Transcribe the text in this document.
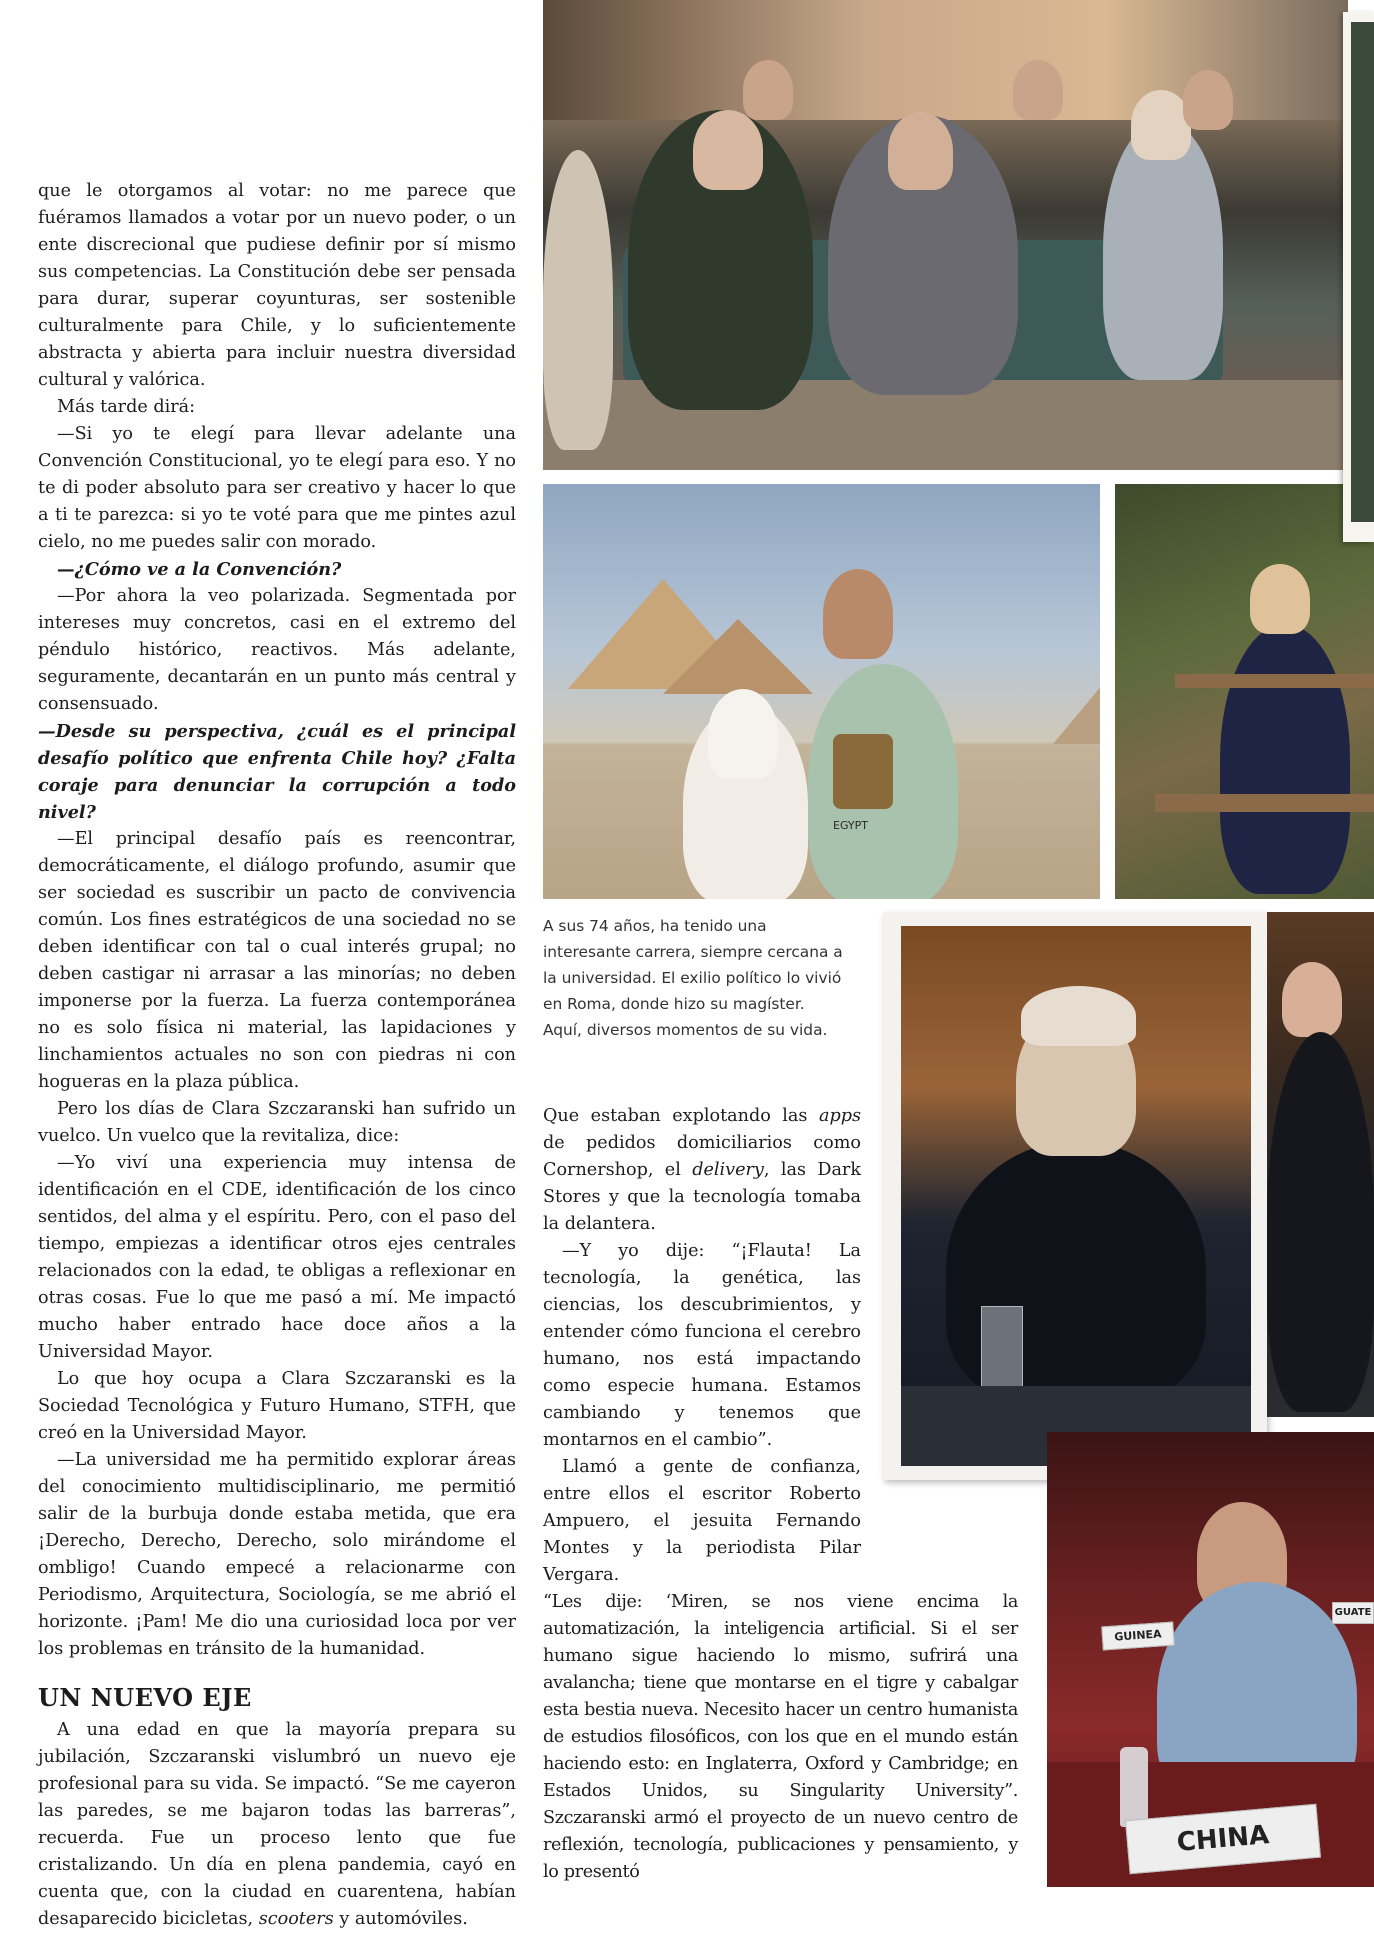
que le otorgamos al votar: no me parece que fuéramos llamados a votar por un nuevo poder, o un ente discrecional que pudiese definir por sí mismo sus competencias. La Constitución debe ser pensada para durar, superar coyunturas, ser sostenible culturalmente para Chile, y lo suficientemente abstracta y abierta para incluir nuestra diversidad cultural y valórica.

Más tarde dirá:

—Si yo te elegí para llevar adelante una Convención Constitucional, yo te elegí para eso. Y no te di poder absoluto para ser creativo y hacer lo que a ti te parezca: si yo te voté para que me pintes azul cielo, no me puedes salir con morado.

—¿Cómo ve a la Convención?

—Por ahora la veo polarizada. Segmentada por intereses muy concretos, casi en el extremo del péndulo histórico, reactivos. Más adelante, seguramente, decantarán en un punto más central y consensuado.

—Desde su perspectiva, ¿cuál es el principal desafío político que enfrenta Chile hoy? ¿Falta coraje para denunciar la corrupción a todo nivel?

—El principal desafío país es reencontrar, democráticamente, el diálogo profundo, asumir que ser sociedad es suscribir un pacto de convivencia común. Los fines estratégicos de una sociedad no se deben identificar con tal o cual interés grupal; no deben castigar ni arrasar a las minorías; no deben imponerse por la fuerza. La fuerza contemporánea no es solo física ni material, las lapidaciones y linchamientos actuales no son con piedras ni con hogueras en la plaza pública.

Pero los días de Clara Szczaranski han sufrido un vuelco. Un vuelco que la revitaliza, dice:

—Yo viví una experiencia muy intensa de identificación en el CDE, identificación de los cinco sentidos, del alma y el espíritu. Pero, con el paso del tiempo, empiezas a identificar otros ejes centrales relacionados con la edad, te obligas a reflexionar en otras cosas. Fue lo que me pasó a mí. Me impactó mucho haber entrado hace doce años a la Universidad Mayor.

Lo que hoy ocupa a Clara Szczaranski es la Sociedad Tecnológica y Futuro Humano, STFH, que creó en la Universidad Mayor.

—La universidad me ha permitido explorar áreas del conocimiento multidisciplinario, me permitió salir de la burbuja donde estaba metida, que era ¡Derecho, Derecho, Derecho, solo mirándome el ombligo! Cuando empecé a relacionarme con Periodismo, Arquitectura, Sociología, se me abrió el horizonte. ¡Pam! Me dio una curiosidad loca por ver los problemas en tránsito de la humanidad.

UN NUEVO EJE

A una edad en que la mayoría prepara su jubilación, Szczaranski vislumbró un nuevo eje profesional para su vida. Se impactó. “Se me cayeron las paredes, se me bajaron todas las barreras”, recuerda. Fue un proceso lento que fue cristalizando. Un día en plena pandemia, cayó en cuenta que, con la ciudad en cuarentena, habían desaparecido bicicletas, scooters y automóviles.

A sus 74 años, ha tenido una interesante carrera, siempre cercana a la universidad. El exilio político lo vivió en Roma, donde hizo su magíster. Aquí, diversos momentos de su vida.

Que estaban explotando las apps de pedidos domiciliarios como Cornershop, el delivery, las Dark Stores y que la tecnología tomaba la delantera.

—Y yo dije: “¡Flauta! La tecnología, la genética, las ciencias, los descubrimientos, y entender cómo funciona el cerebro humano, nos está impactando como especie humana. Estamos cambiando y tenemos que montarnos en el cambio”.

Llamó a gente de confianza, entre ellos el escritor Roberto Ampuero, el jesuita Fernando Montes y la periodista Pilar Vergara.

“Les dije: ‘Miren, se nos viene encima la automatización, la inteligencia artificial. Si el ser humano sigue haciendo lo mismo, sufrirá una avalancha; tiene que montarse en el tigre y cabalgar esta bestia nueva. Necesito hacer un centro humanista de estudios filosóficos, con los que en el mundo están haciendo esto: en Inglaterra, Oxford y Cambridge; en Estados Unidos, su Singularity University”. Szczaranski armó el proyecto de un nuevo centro de reflexión, tecnología, publicaciones y pensamiento, y lo presentó

EGYPT
GUINEA
GUATE
CHINA
